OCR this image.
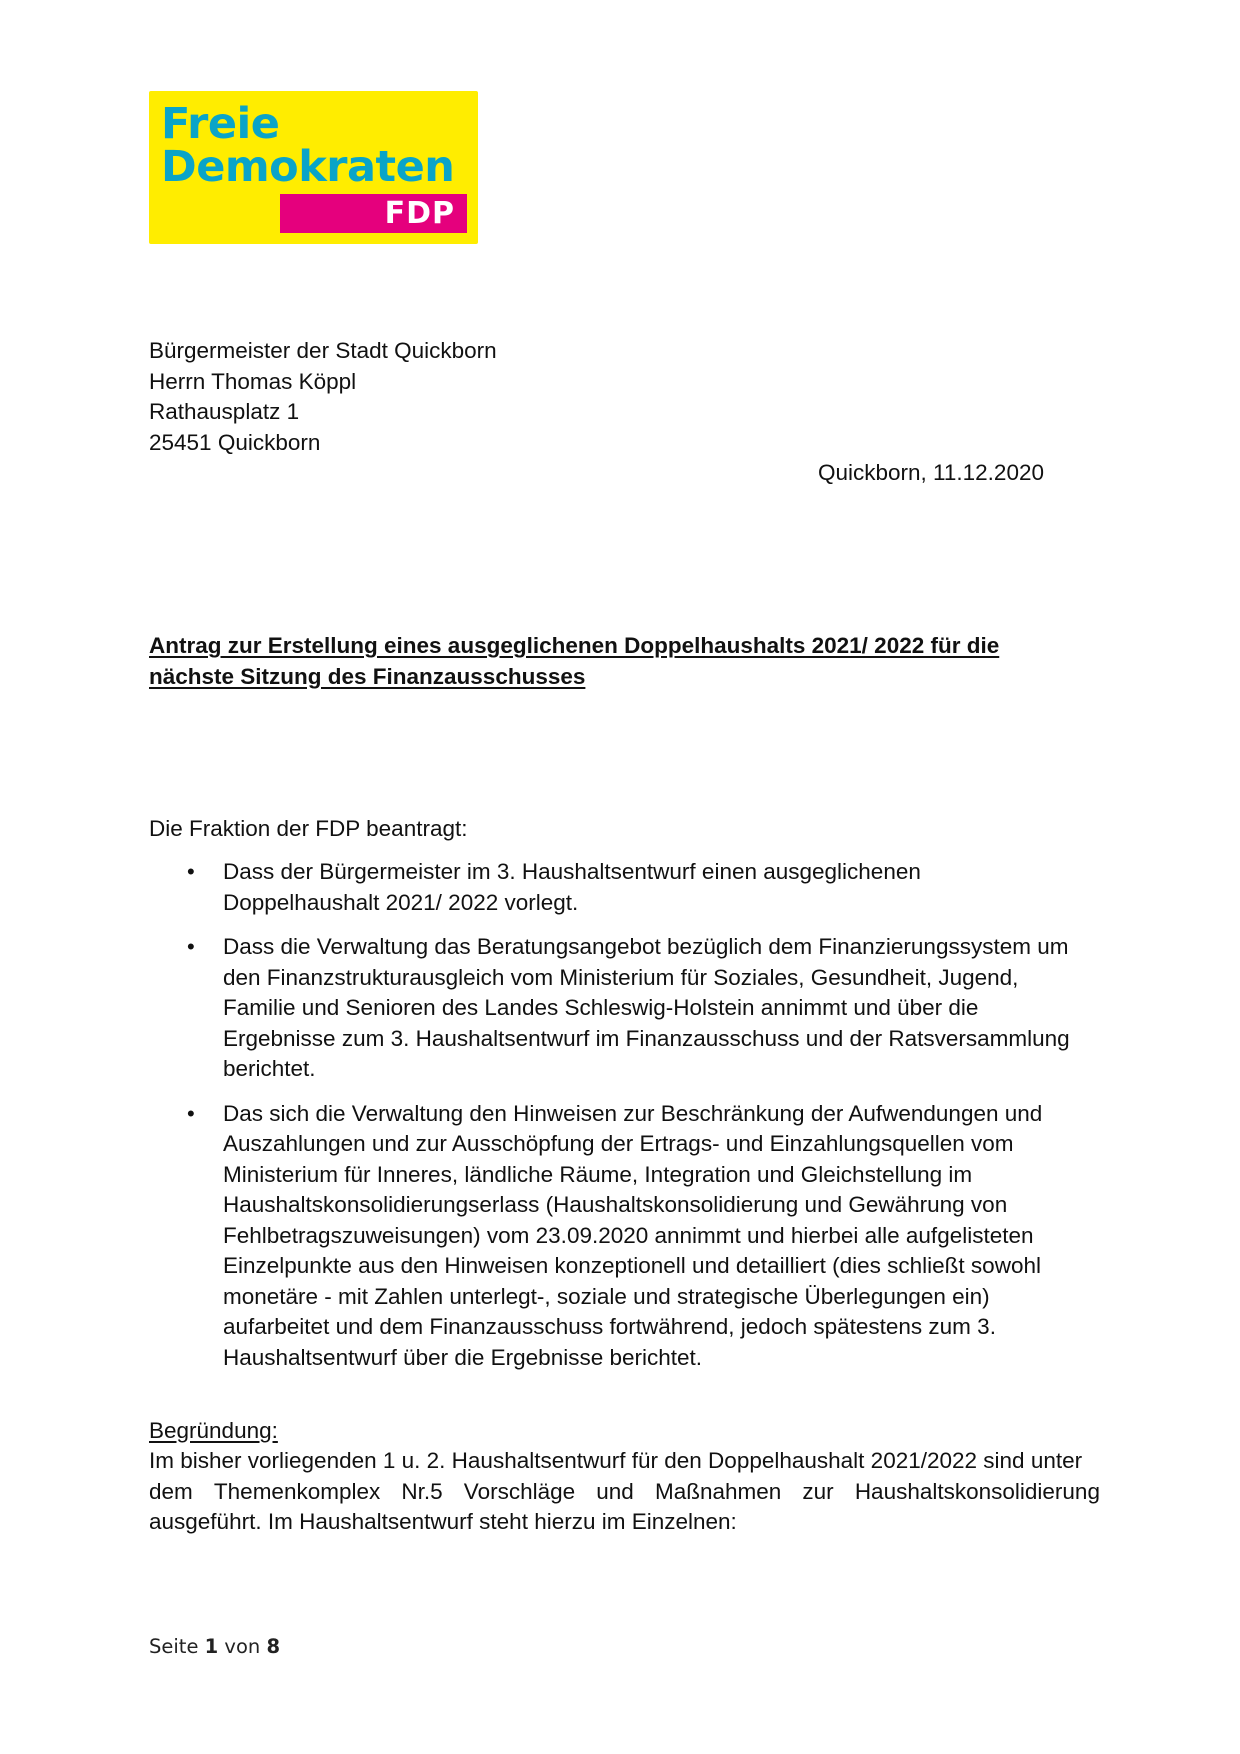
Freie
Demokraten
FDP
Bürgermeister der Stadt Quickborn
Herrn Thomas Köppl
Rathausplatz 1
25451 Quickborn
Quickborn, 11.12.2020
Antrag zur Erstellung eines ausgeglichenen Doppelhaushalts 2021/ 2022 für die
nächste Sitzung des Finanzausschusses
Die Fraktion der FDP beantragt:
• Dass der Bürgermeister im 3. Haushaltsentwurf einen ausgeglichenen
Doppelhaushalt 2021/ 2022 vorlegt.
• Dass die Verwaltung das Beratungsangebot bezüglich dem Finanzierungssystem um
den Finanzstrukturausgleich vom Ministerium für Soziales, Gesundheit, Jugend,
Familie und Senioren des Landes Schleswig-Holstein annimmt und über die
Ergebnisse zum 3. Haushaltsentwurf im Finanzausschuss und der Ratsversammlung
berichtet.
• Das sich die Verwaltung den Hinweisen zur Beschränkung der Aufwendungen und
Auszahlungen und zur Ausschöpfung der Ertrags- und Einzahlungsquellen vom
Ministerium für Inneres, ländliche Räume, Integration und Gleichstellung im
Haushaltskonsolidierungserlass (Haushaltskonsolidierung und Gewährung von
Fehlbetragszuweisungen) vom 23.09.2020 annimmt und hierbei alle aufgelisteten
Einzelpunkte aus den Hinweisen konzeptionell und detailliert (dies schließt sowohl
monetäre - mit Zahlen unterlegt-, soziale und strategische Überlegungen ein)
aufarbeitet und dem Finanzausschuss fortwährend, jedoch spätestens zum 3.
Haushaltsentwurf über die Ergebnisse berichtet.
Begründung:
Im bisher vorliegenden 1 u. 2. Haushaltsentwurf für den Doppelhaushalt 2021/2022 sind unter
dem Themenkomplex Nr.5 Vorschläge und Maßnahmen zur Haushaltskonsolidierung
ausgeführt. Im Haushaltsentwurf steht hierzu im Einzelnen:
Seite 1 von 8
